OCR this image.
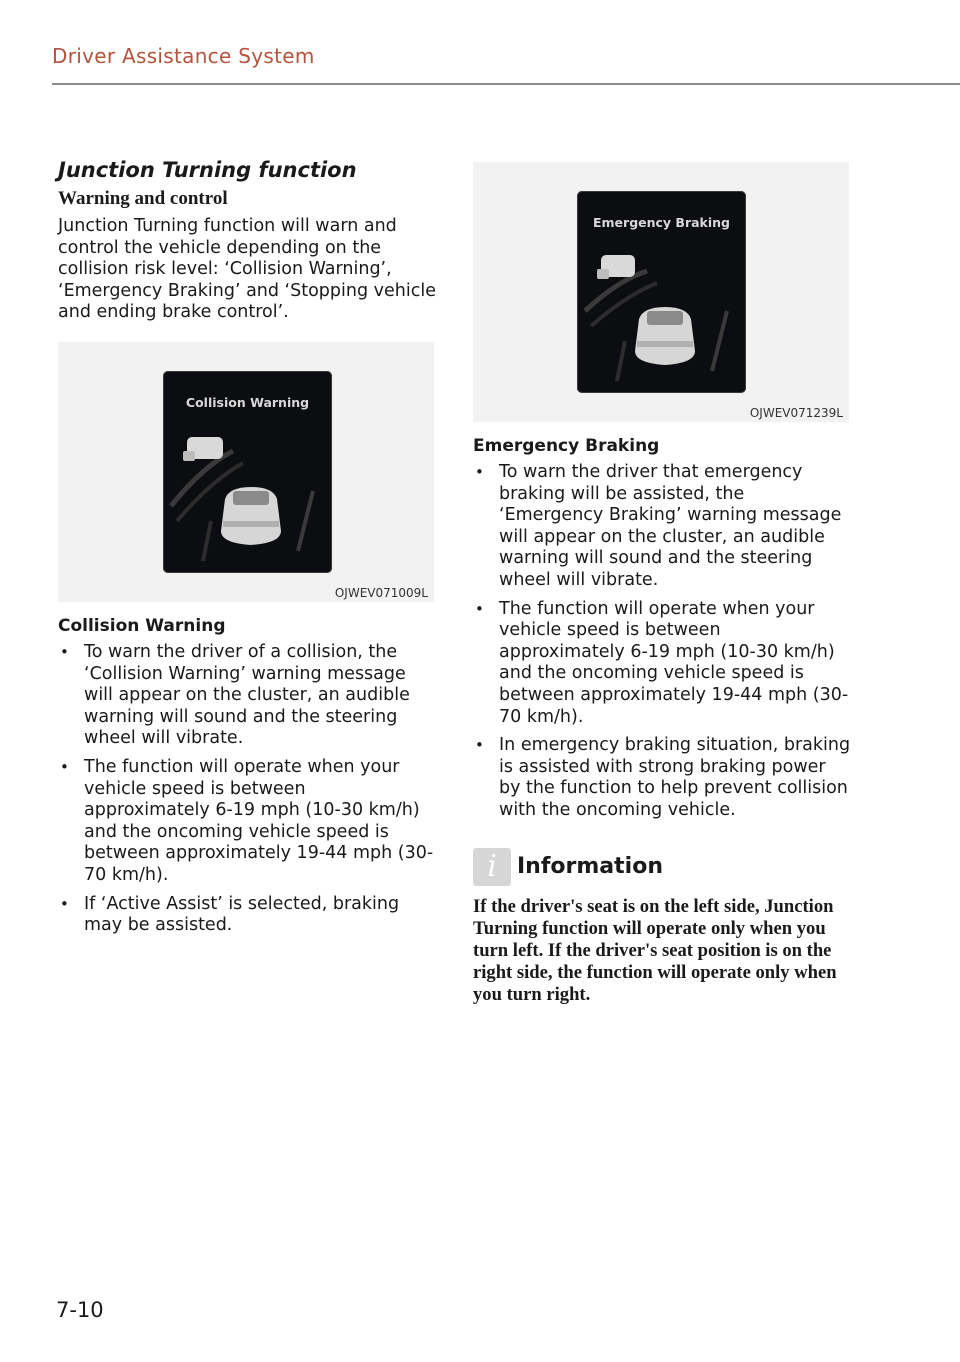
Driver Assistance System
Junction Turning function
Warning and control

Junction Turning function will warn and control the vehicle depending on the collision risk level: ‘Collision Warning’, ‘Emergency Braking’ and ‘Stopping vehicle and ending brake control’.

Collision Warning
OJWEV071009L
Collision Warning
• To warn the driver of a collision, the ‘Collision Warning’ warning message will appear on the cluster, an audible warning will sound and the steering wheel will vibrate.
• The function will operate when your vehicle speed is between approximately 6-19 mph (10-30 km/h) and the oncoming vehicle speed is between approximately 19-44 mph (30-70 km/h).
• If ‘Active Assist’ is selected, braking may be assisted.
Emergency Braking
OJWEV071239L
Emergency Braking
• To warn the driver that emergency braking will be assisted, the ‘Emergency Braking’ warning message will appear on the cluster, an audible warning will sound and the steering wheel will vibrate.
• The function will operate when your vehicle speed is between approximately 6-19 mph (10-30 km/h) and the oncoming vehicle speed is between approximately 19-44 mph (30-70 km/h).
• In emergency braking situation, braking is assisted with strong braking power by the function to help prevent collision with the oncoming vehicle.
i Information

If the driver's seat is on the left side, Junction Turning function will operate only when you turn left. If the driver's seat position is on the right side, the function will operate only when you turn right.

7-10
